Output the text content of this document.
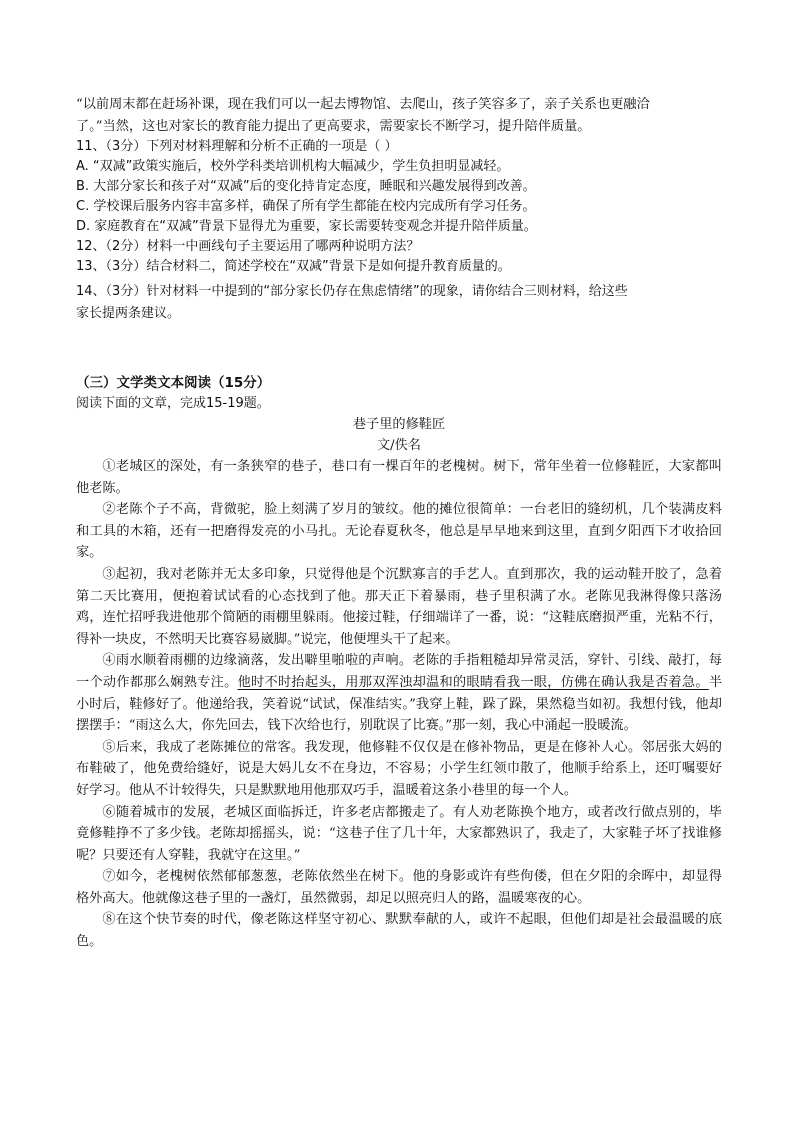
“以前周末都在赶场补课，现在我们可以一起去博物馆、去爬山，孩子笑容多了，亲子关系也更融洽

了。”当然，这也对家长的教育能力提出了更高要求，需要家长不断学习，提升陪伴质量。

11、（3分）下列对材料理解和分析不正确的一项是（ ）

A. “双减”政策实施后，校外学科类培训机构大幅减少，学生负担明显减轻。

B. 大部分家长和孩子对“双减”后的变化持肯定态度，睡眠和兴趣发展得到改善。

C. 学校课后服务内容丰富多样，确保了所有学生都能在校内完成所有学习任务。

D. 家庭教育在“双减”背景下显得尤为重要，家长需要转变观念并提升陪伴质量。

12、（2分）材料一中画线句子主要运用了哪两种说明方法？

13、（3分）结合材料二，简述学校在“双减”背景下是如何提升教育质量的。

14、（3分）针对材料一中提到的“部分家长仍存在焦虑情绪”的现象，请你结合三则材料，给这些

家长提两条建议。

（三）文学类文本阅读（15分）

阅读下面的文章，完成15-19题。

巷子里的修鞋匠

文/佚名

①老城区的深处，有一条狭窄的巷子，巷口有一棵百年的老槐树。树下，常年坐着一位修鞋匠，大家都叫他老陈。

②老陈个子不高，背微驼，脸上刻满了岁月的皱纹。他的摊位很简单：一台老旧的缝纫机，几个装满皮料和工具的木箱，还有一把磨得发亮的小马扎。无论春夏秋冬，他总是早早地来到这里，直到夕阳西下才收拾回家。

③起初，我对老陈并无太多印象，只觉得他是个沉默寡言的手艺人。直到那次，我的运动鞋开胶了，急着第二天比赛用，便抱着试试看的心态找到了他。那天正下着暴雨，巷子里积满了水。老陈见我淋得像只落汤鸡，连忙招呼我进他那个简陋的雨棚里躲雨。他接过鞋，仔细端详了一番，说：“这鞋底磨损严重，光粘不行，得补一块皮，不然明天比赛容易崴脚。”说完，他便埋头干了起来。

④雨水顺着雨棚的边缘滴落，发出噼里啪啦的声响。老陈的手指粗糙却异常灵活，穿针、引线、敲打，每一个动作都那么娴熟专注。他时不时抬起头，用那双浑浊却温和的眼睛看我一眼，仿佛在确认我是否着急。半小时后，鞋修好了。他递给我，笑着说“试试，保准结实。”我穿上鞋，跺了跺，果然稳当如初。我想付钱，他却摆摆手：“雨这么大，你先回去，钱下次给也行，别耽误了比赛。”那一刻，我心中涌起一股暖流。

⑤后来，我成了老陈摊位的常客。我发现，他修鞋不仅仅是在修补物品，更是在修补人心。邻居张大妈的布鞋破了，他免费给缝好，说是大妈儿女不在身边，不容易；小学生红领巾散了，他顺手给系上，还叮嘱要好好学习。他从不计较得失，只是默默地用他那双巧手，温暖着这条小巷里的每一个人。

⑥随着城市的发展，老城区面临拆迁，许多老店都搬走了。有人劝老陈换个地方，或者改行做点别的，毕竟修鞋挣不了多少钱。老陈却摇摇头，说：“这巷子住了几十年，大家都熟识了，我走了，大家鞋子坏了找谁修呢？只要还有人穿鞋，我就守在这里。”

⑦如今，老槐树依然郁郁葱葱，老陈依然坐在树下。他的身影或许有些佝偻，但在夕阳的余晖中，却显得格外高大。他就像这巷子里的一盏灯，虽然微弱，却足以照亮归人的路，温暖寒夜的心。

⑧在这个快节奏的时代，像老陈这样坚守初心、默默奉献的人，或许不起眼，但他们却是社会最温暖的底色。
